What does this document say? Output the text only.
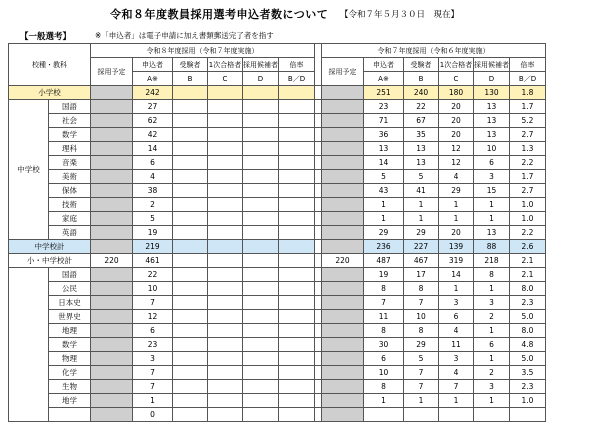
令和８年度教員採用選考申込者数について 【令和７年５月３０日　現在】
【一般選考】	※「申込者」は電子申請に加え書類郵送完了者を指す
校種・教科		令和８年度採用（令和７年度実施）							令和７年度採用（令和６年度実施）					
		採用予定	申込者	受験者	1次合格者	採用候補者	倍率		採用予定	申込者	受験者	1次合格者	採用候補者	倍率
			A※	B	C	D	B／D			A※	B	C	D	B／D
小学校			242							251	240	180	130	1.8
中学校	国語		27							23	22	20	13	1.7
	社会		62							71	67	20	13	5.2
	数学		42							36	35	20	13	2.7
	理科		14							13	13	12	10	1.3
	音楽		6							14	13	12	6	2.2
	美術		4							5	5	4	3	1.7
	保体		38							43	41	29	15	2.7
	技術		2							1	1	1	1	1.0
	家庭		5							1	1	1	1	1.0
	英語		19							29	29	20	13	2.2
中学校計			219							236	227	139	88	2.6
小・中学校計		220	461						220	487	467	319	218	2.1
	国語		22							19	17	14	8	2.1
	公民		10							8	8	1	1	8.0
	日本史		7							7	7	3	3	2.3
	世界史		12							11	10	6	2	5.0
	地理		6							8	8	4	1	8.0
	数学		23							30	29	11	6	4.8
	物理		3							6	5	3	1	5.0
	化学		7							10	7	4	2	3.5
	生物		7							8	7	7	3	2.3
	地学		1							1	1	1	1	1.0
			0											
